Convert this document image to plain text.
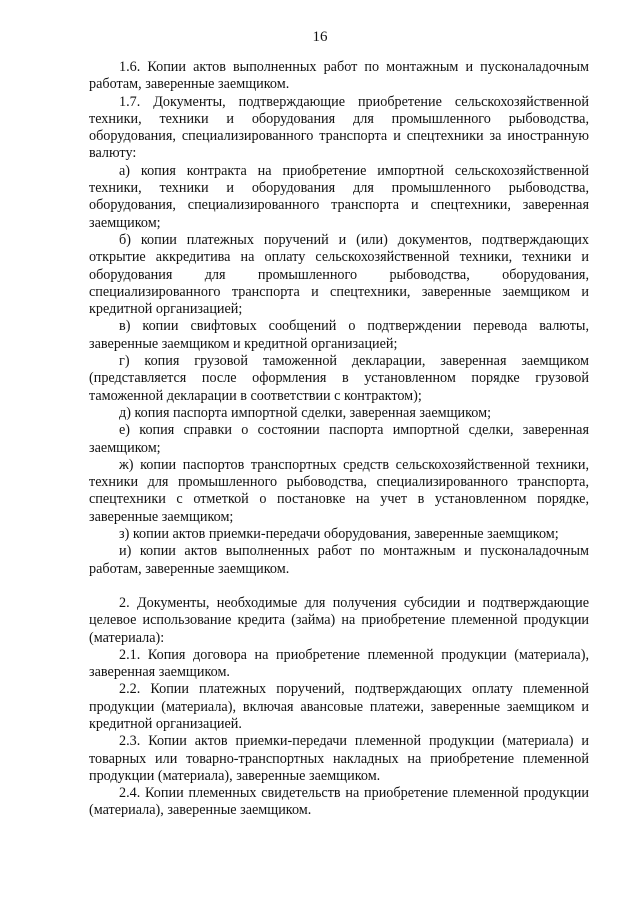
16

1.6. Копии актов выполненных работ по монтажным и пусконаладочным работам, заверенные заемщиком.

1.7. Документы, подтверждающие приобретение сельскохозяйственной техники, техники и оборудования для промышленного рыбоводства, оборудования, специализированного транспорта и спецтехники за иностранную валюту:

а) копия контракта на приобретение импортной сельскохозяйственной техники, техники и оборудования для промышленного рыбоводства, оборудования, специализированного транспорта и спецтехники, заверенная заемщиком;

б) копии платежных поручений и (или) документов, подтверждающих открытие аккредитива на оплату сельскохозяйственной техники, техники и оборудования для промышленного рыбоводства, оборудования, специализированного транспорта и спецтехники, заверенные заемщиком и кредитной организацией;

в) копии свифтовых сообщений о подтверждении перевода валюты, заверенные заемщиком и кредитной организацией;

г) копия грузовой таможенной декларации, заверенная заемщиком (представляется после оформления в установленном порядке грузовой таможенной декларации в соответствии с контрактом);

д) копия паспорта импортной сделки, заверенная заемщиком;

е) копия справки о состоянии паспорта импортной сделки, заверенная заемщиком;

ж) копии паспортов транспортных средств сельскохозяйственной техники, техники для промышленного рыбоводства, специализированного транспорта, спецтехники с отметкой о постановке на учет в установленном порядке, заверенные заемщиком;

з) копии актов приемки-передачи оборудования, заверенные заемщиком;

и) копии актов выполненных работ по монтажным и пусконаладочным работам, заверенные заемщиком.

2. Документы, необходимые для получения субсидии и подтверждающие целевое использование кредита (займа) на приобретение племенной продукции (материала):

2.1. Копия договора на приобретение племенной продукции (материала), заверенная заемщиком.

2.2. Копии платежных поручений, подтверждающих оплату племенной продукции (материала), включая авансовые платежи, заверенные заемщиком и кредитной организацией.

2.3. Копии актов приемки-передачи племенной продукции (материала) и товарных или товарно-транспортных накладных на приобретение племенной продукции (материала), заверенные заемщиком.

2.4. Копии племенных свидетельств на приобретение племенной продукции (материала), заверенные заемщиком.
